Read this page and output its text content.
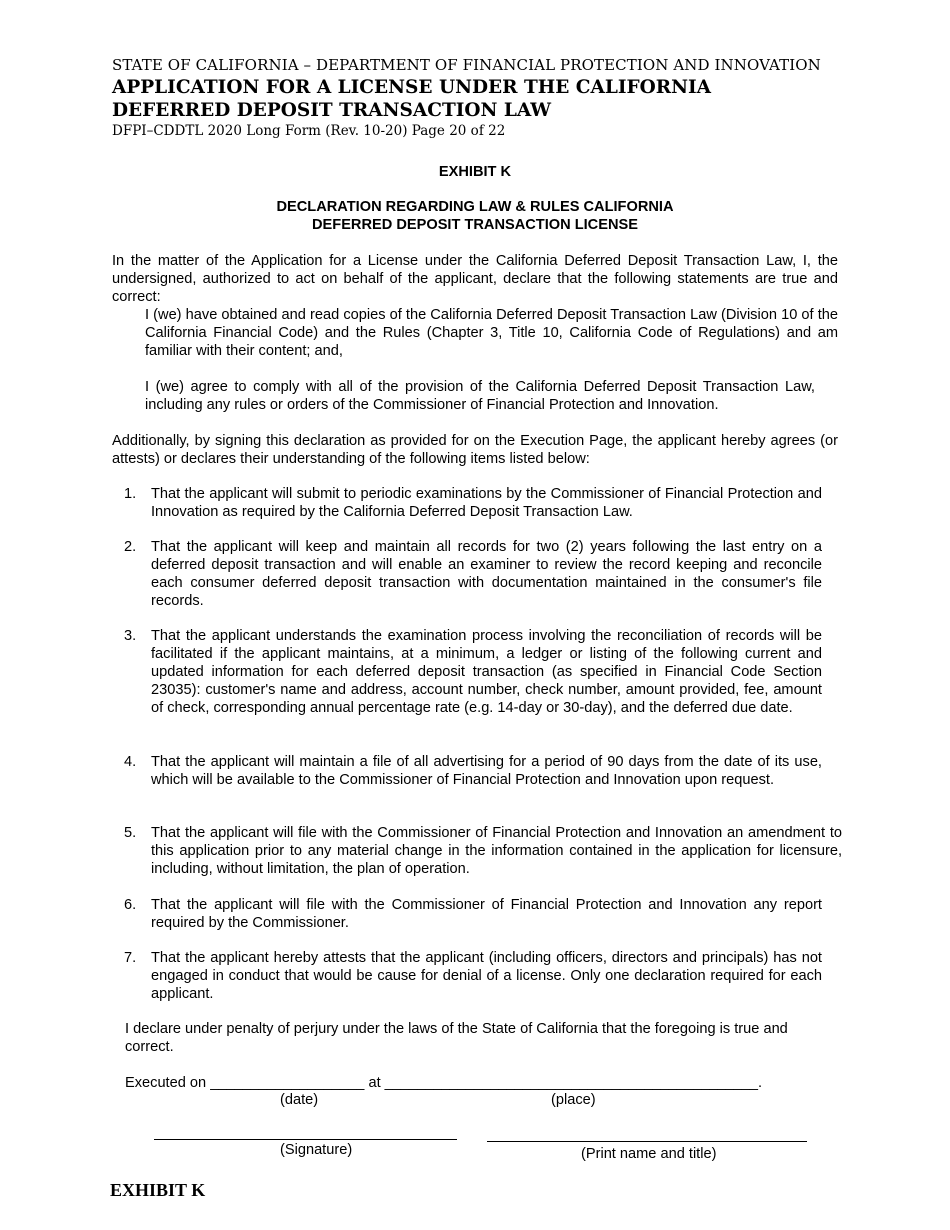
STATE OF CALIFORNIA – DEPARTMENT OF FINANCIAL PROTECTION AND INNOVATION
APPLICATION FOR A LICENSE UNDER THE CALIFORNIA
DEFERRED DEPOSIT TRANSACTION LAW
DFPI–CDDTL 2020 Long Form (Rev. 10-20) Page 20 of 22
EXHIBIT K
DECLARATION REGARDING LAW & RULES CALIFORNIA
DEFERRED DEPOSIT TRANSACTION LICENSE
In the matter of the Application for a License under the California Deferred Deposit Transaction Law, I, the undersigned, authorized to act on behalf of the applicant, declare that the following statements are true and correct:
I (we) have obtained and read copies of the California Deferred Deposit Transaction Law (Division 10 of the California Financial Code) and the Rules (Chapter 3, Title 10, California Code of Regulations) and am familiar with their content; and,
I (we) agree to comply with all of the provision of the California Deferred Deposit Transaction Law, including any rules or orders of the Commissioner of Financial Protection and Innovation.
Additionally, by signing this declaration as provided for on the Execution Page, the applicant hereby agrees (or attests) or declares their understanding of the following items listed below:
1. That the applicant will submit to periodic examinations by the Commissioner of Financial Protection and Innovation as required by the California Deferred Deposit Transaction Law.
2. That the applicant will keep and maintain all records for two (2) years following the last entry on a deferred deposit transaction and will enable an examiner to review the record keeping and reconcile each consumer deferred deposit transaction with documentation maintained in the consumer's file records.
3. That the applicant understands the examination process involving the reconciliation of records will be facilitated if the applicant maintains, at a minimum, a ledger or listing of the following current and updated information for each deferred deposit transaction (as specified in Financial Code Section 23035): customer's name and address, account number, check number, amount provided, fee, amount of check, corresponding annual percentage rate (e.g. 14-day or 30-day), and the deferred due date.
4. That the applicant will maintain a file of all advertising for a period of 90 days from the date of its use, which will be available to the Commissioner of Financial Protection and Innovation upon request.
5. That the applicant will file with the Commissioner of Financial Protection and Innovation an amendment to this application prior to any material change in the information contained in the application for licensure, including, without limitation, the plan of operation.
6. That the applicant will file with the Commissioner of Financial Protection and Innovation any report required by the Commissioner.
7. That the applicant hereby attests that the applicant (including officers, directors and principals) has not engaged in conduct that would be cause for denial of a license. Only one declaration required for each applicant.
I declare under penalty of perjury under the laws of the State of California that the foregoing is true and correct.
Executed on ___________________ at ______________________________________________.
(date)	(place)
(Signature)	(Print name and title)
EXHIBIT K
